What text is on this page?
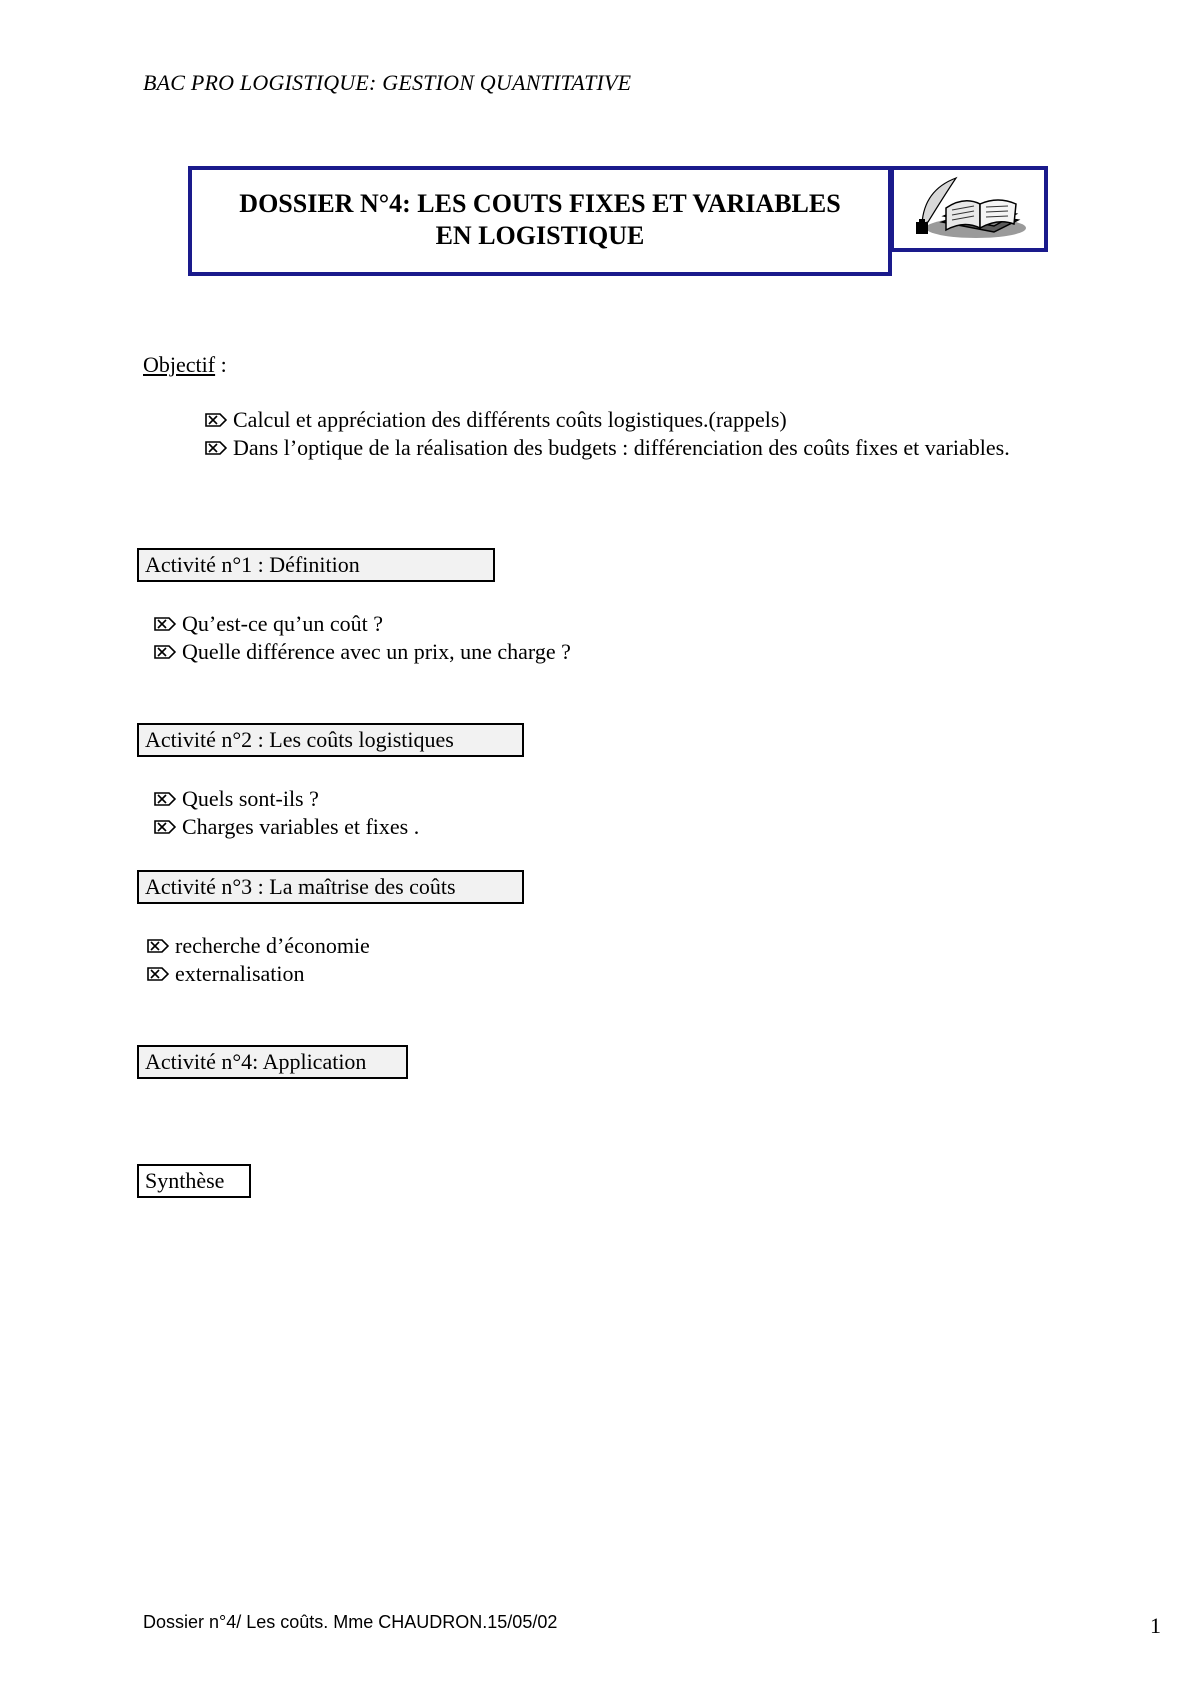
BAC PRO LOGISTIQUE: GESTION QUANTITATIVE
DOSSIER N°4: LES COUTS FIXES ET VARIABLES
EN LOGISTIQUE
Objectif :
Calcul et appréciation des différents coûts logistiques.(rappels)
Dans l’optique de la réalisation des budgets : différenciation des coûts fixes et variables.
Activité n°1 : Définition
Qu’est-ce qu’un coût ?
Quelle différence avec un prix, une charge ?
Activité n°2 : Les coûts logistiques
Quels sont-ils ?
Charges variables et fixes .
Activité n°3 : La maîtrise des coûts
recherche d’économie
externalisation
Activité n°4: Application
Synthèse
Dossier n°4/ Les coûts. Mme CHAUDRON.15/05/02	1
